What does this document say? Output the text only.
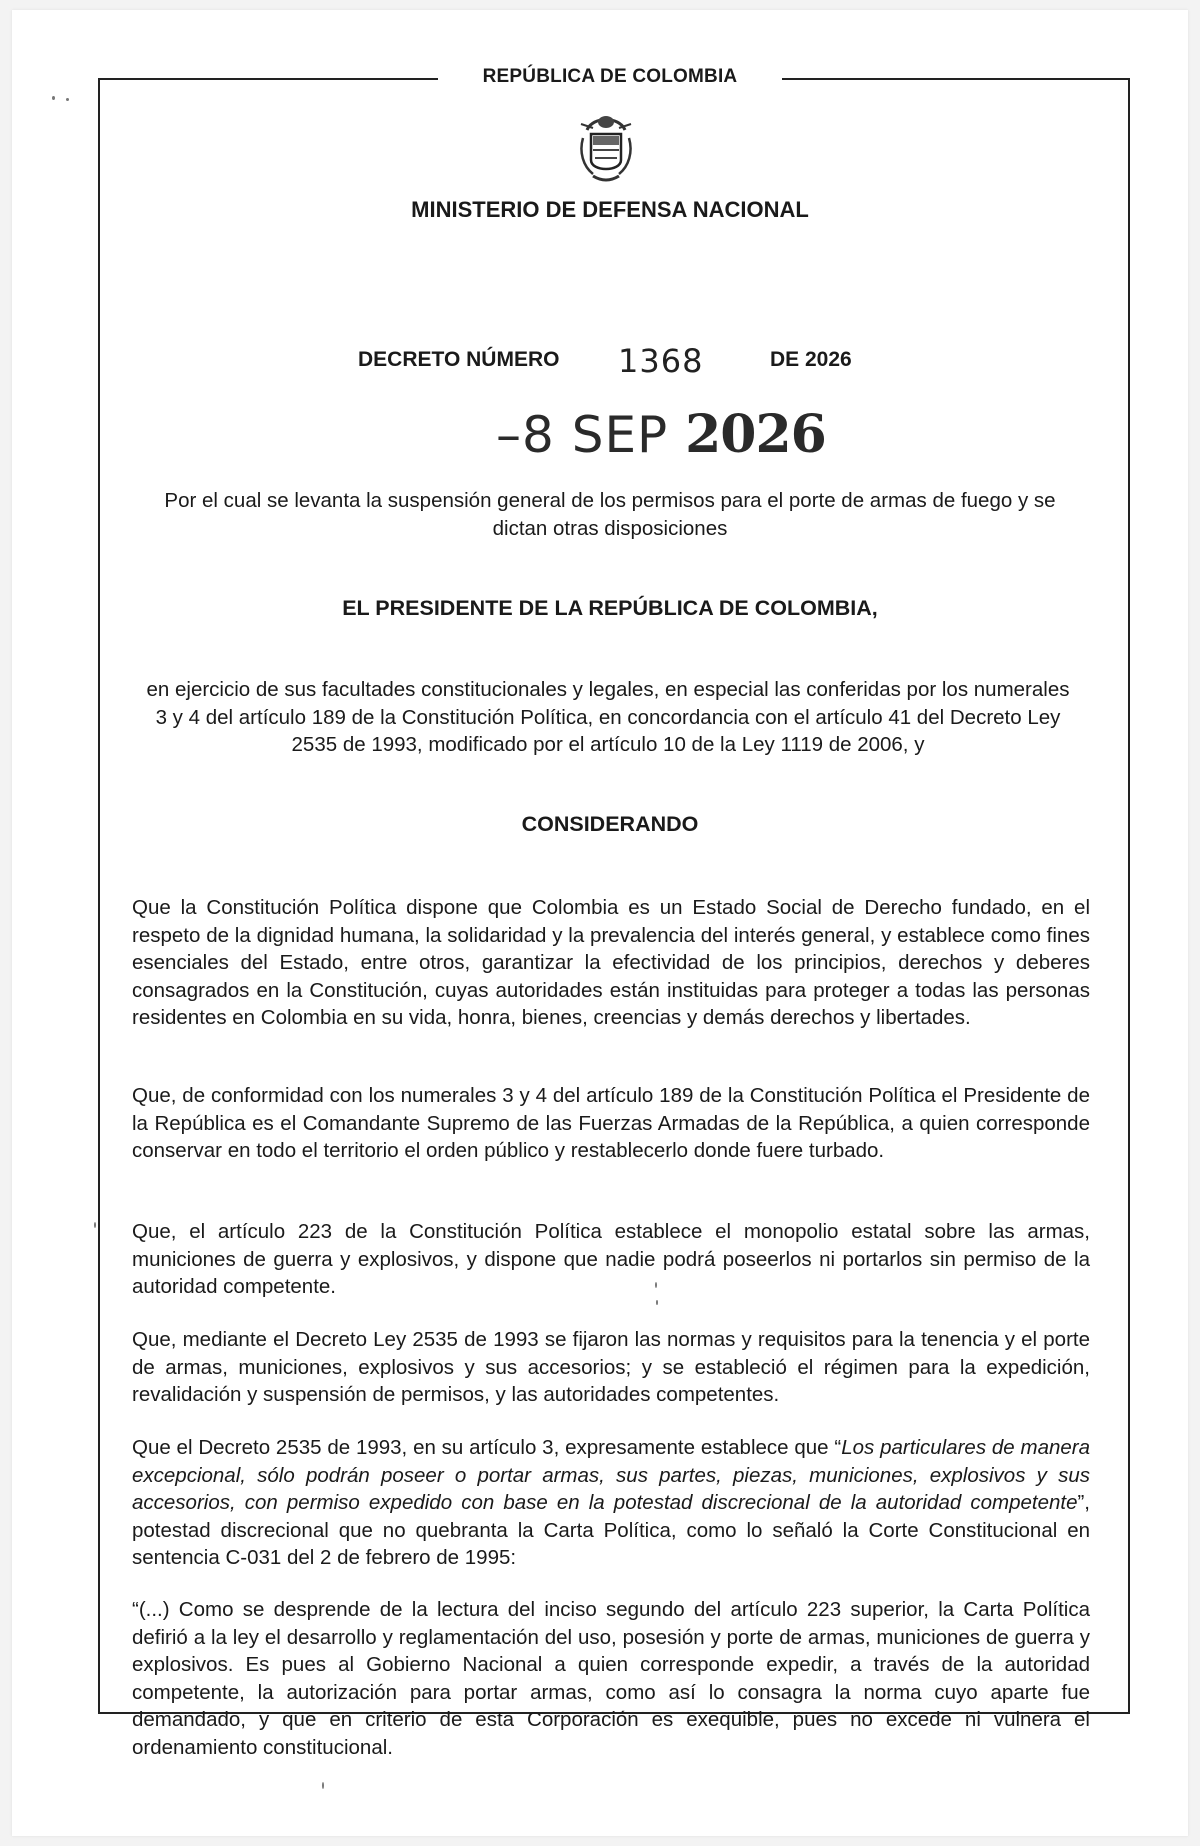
REPÚBLICA DE COLOMBIA
MINISTERIO DE DEFENSA NACIONAL
DECRETO NÚMERO 1368	DE 2026
–8 SEP 2026
Por el cual se levanta la suspensión general de los permisos para el porte de armas de fuego y se dictan otras disposiciones
EL PRESIDENTE DE LA REPÚBLICA DE COLOMBIA,
en ejercicio de sus facultades constitucionales y legales, en especial las conferidas por los numerales 3 y 4 del artículo 189 de la Constitución Política, en concordancia con el artículo 41 del Decreto Ley 2535 de 1993, modificado por el artículo 10 de la Ley 1119 de 2006, y
CONSIDERANDO
Que la Constitución Política dispone que Colombia es un Estado Social de Derecho fundado, en el respeto de la dignidad humana, la solidaridad y la prevalencia del interés general, y establece como fines esenciales del Estado, entre otros, garantizar la efectividad de los principios, derechos y deberes consagrados en la Constitución, cuyas autoridades están instituidas para proteger a todas las personas residentes en Colombia en su vida, honra, bienes, creencias y demás derechos y libertades.
Que, de conformidad con los numerales 3 y 4 del artículo 189 de la Constitución Política el Presidente de la República es el Comandante Supremo de las Fuerzas Armadas de la República, a quien corresponde conservar en todo el territorio el orden público y restablecerlo donde fuere turbado.
Que, el artículo 223 de la Constitución Política establece el monopolio estatal sobre las armas, municiones de guerra y explosivos, y dispone que nadie podrá poseerlos ni portarlos sin permiso de la autoridad competente.
Que, mediante el Decreto Ley 2535 de 1993 se fijaron las normas y requisitos para la tenencia y el porte de armas, municiones, explosivos y sus accesorios; y se estableció el régimen para la expedición, revalidación y suspensión de permisos, y las autoridades competentes.
Que el Decreto 2535 de 1993, en su artículo 3, expresamente establece que “Los particulares de manera excepcional, sólo podrán poseer o portar armas, sus partes, piezas, municiones, explosivos y sus accesorios, con permiso expedido con base en la potestad discrecional de la autoridad competente”, potestad discrecional que no quebranta la Carta Política, como lo señaló la Corte Constitucional en sentencia C-031 del 2 de febrero de 1995:
“(...) Como se desprende de la lectura del inciso segundo del artículo 223 superior, la Carta Política defirió a la ley el desarrollo y reglamentación del uso, posesión y porte de armas, municiones de guerra y explosivos. Es pues al Gobierno Nacional a quien corresponde expedir, a través de la autoridad competente, la autorización para portar armas, como así lo consagra la norma cuyo aparte fue demandado, y que en criterio de esta Corporación es exequible, pues no excede ni vulnera el ordenamiento constitucional.
